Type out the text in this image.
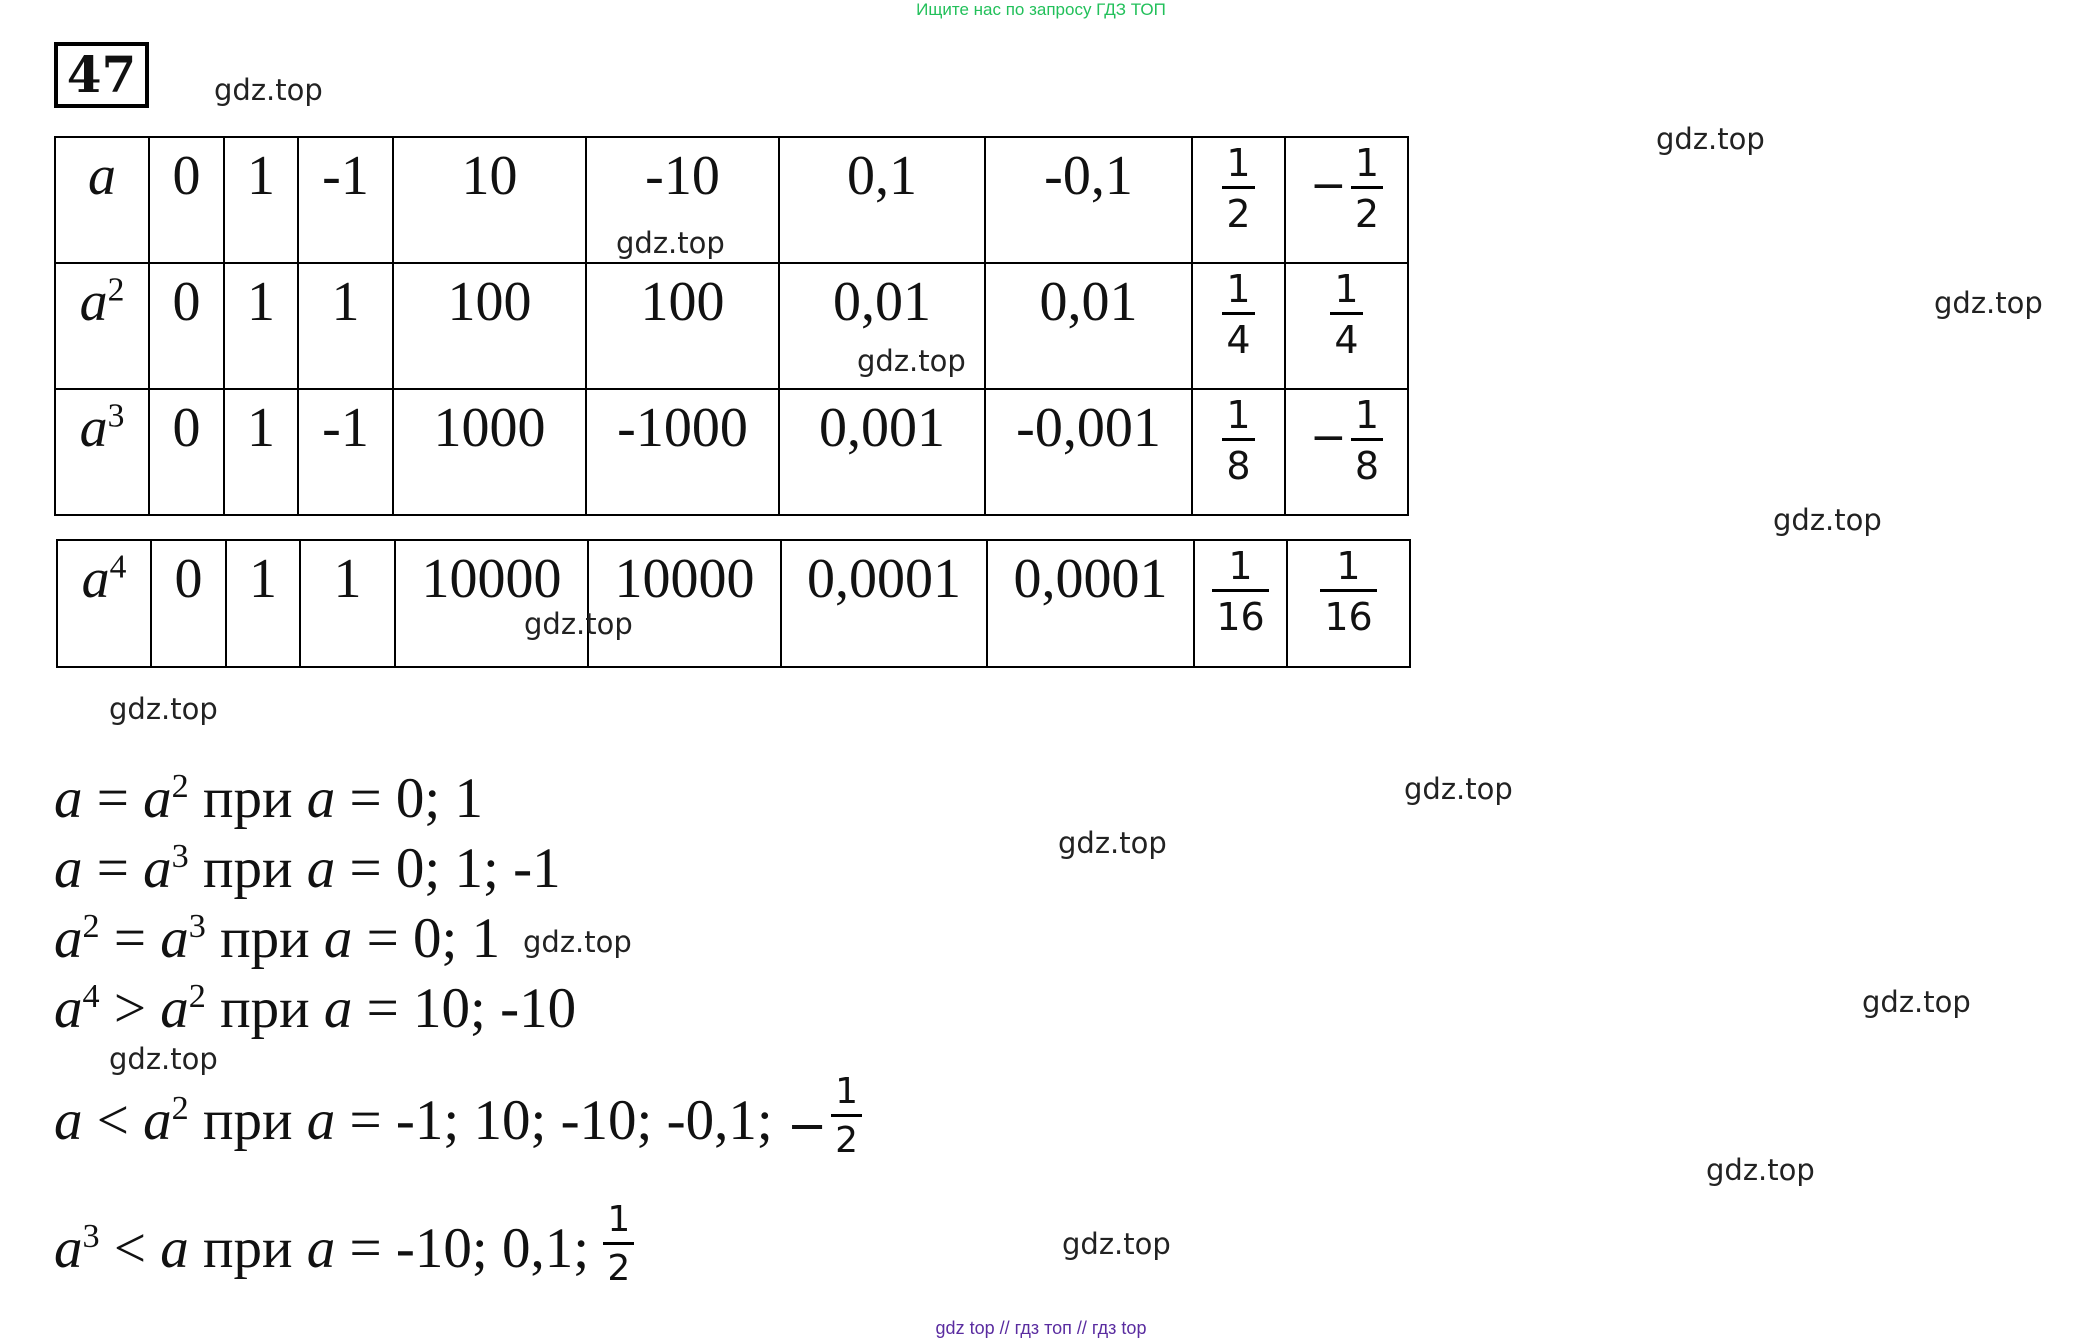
Ищите нас по запросу ГДЗ ТОП
47
a	0	1	-1	10	-10	0,1	-0,1	$\frac{1}{2}$	− $\frac{1}{2}$

$a^2$	0	1	1	100	100	0,01	0,01	$\frac{1}{4}$	$\frac{1}{4}$

$a^3$	0	1	-1	1000	-1000	0,001	-0,001	$\frac{1}{8}$	− $\frac{1}{8}$
$a^4$	0	1	1	10000	10000	0,0001	0,0001	$\frac{1}{16}$	$\frac{1}{16}$
$a = a^2$ при a = 0; 1
$a = a^3$ при a = 0; 1; -1
$a^2 = a^3$ при a = 0; 1
$a^4 > a^2$ при a = 10; -10
$a < a^2$ при a = -1; 10; -10; -0,1; − $\frac{1}{2}$
$a^3 < a$ при a = -10; 0,1; $\frac{1}{2}$
gdz.top
gdz.top
gdz.top
gdz.top
gdz.top
gdz.top
gdz.top
gdz.top
gdz.top
gdz.top
gdz.top
gdz.top
gdz.top
gdz.top
gdz.top
gdz top // гдз топ // гдз top
